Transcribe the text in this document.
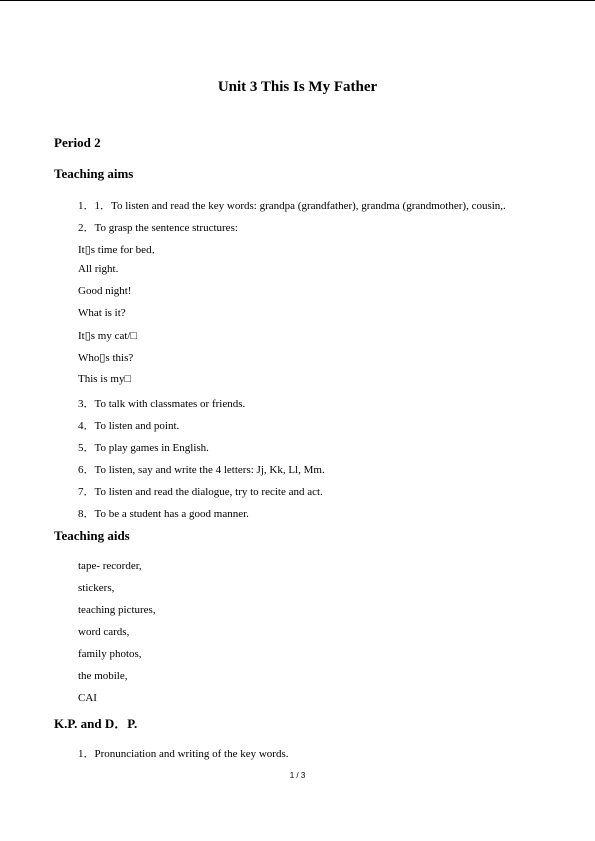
Unit 3 This Is My Father
Period 2
Teaching aims
1．1．To listen and read the key words: grandpa (grandfather), grandma (grandmother), cousin,.
2．To grasp the sentence structures:
It▯s time for bed．
All right.
Good night!
What is it?
It▯s my cat/□
Who▯s this?
This is my□
3．To talk with classmates or friends.
4．To listen and point.
5．To play games in English.
6．To listen, say and write the 4 letters: Jj, Kk, Ll, Mm.
7．To listen and read the dialogue, try to recite and act.
8．To be a student has a good manner.
Teaching aids
tape- recorder,
stickers,
teaching pictures,
word cards,
family photos,
the mobile,
CAI
K.P. and D．P.
1．Pronunciation and writing of the key words.
1 / 3
